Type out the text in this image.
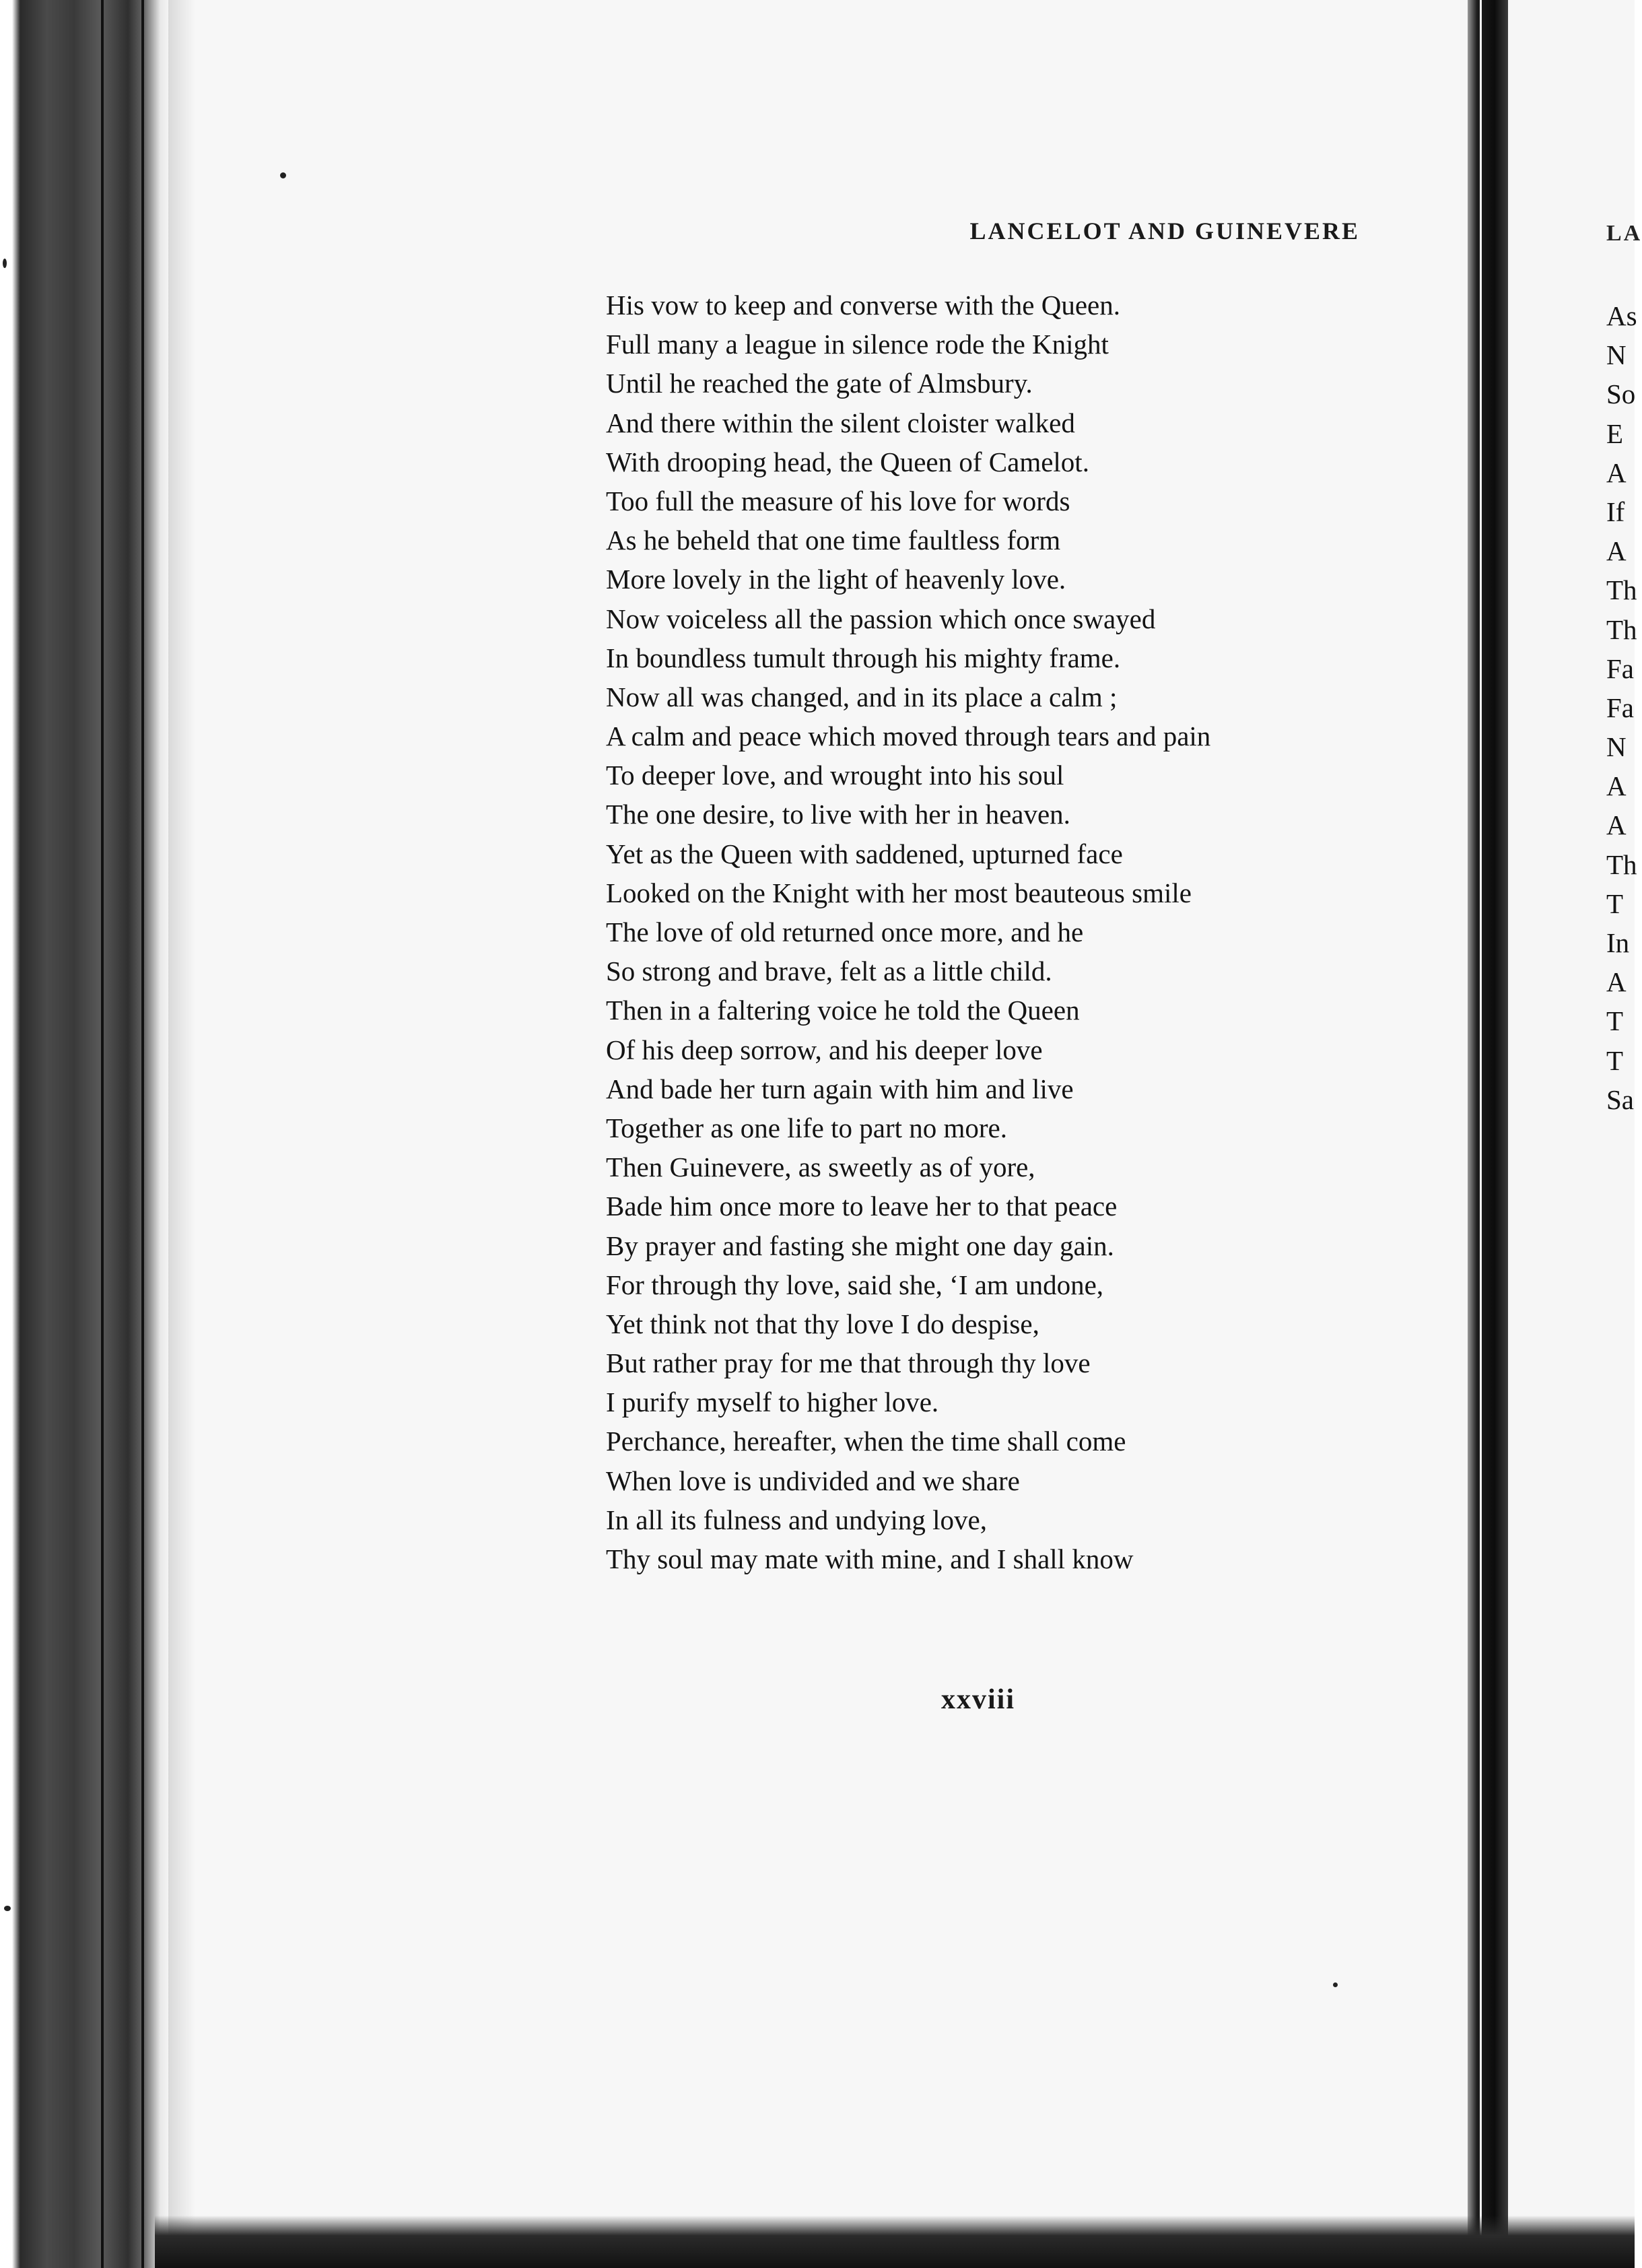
LANCELOT AND GUINEVERE
His vow to keep and converse with the Queen.
Full many a league in silence rode the Knight
Until he reached the gate of Almsbury.
And there within the silent cloister walked
With drooping head, the Queen of Camelot.
Too full the measure of his love for words
As he beheld that one time faultless form
More lovely in the light of heavenly love.
Now voiceless all the passion which once swayed
In boundless tumult through his mighty frame.
Now all was changed, and in its place a calm ;
A calm and peace which moved through tears and pain
To deeper love, and wrought into his soul
The one desire, to live with her in heaven.
Yet as the Queen with saddened, upturned face
Looked on the Knight with her most beauteous smile
The love of old returned once more, and he
So strong and brave, felt as a little child.
Then in a faltering voice he told the Queen
Of his deep sorrow, and his deeper love
And bade her turn again with him and live
Together as one life to part no more.
Then Guinevere, as sweetly as of yore,
Bade him once more to leave her to that peace
By prayer and fasting she might one day gain.
For through thy love, said she, ‘I am undone,
Yet think not that thy love I do despise,
But rather pray for me that through thy love
I purify myself to higher love.
Perchance, hereafter, when the time shall come
When love is undivided and we share
In all its fulness and undying love,
Thy soul may mate with mine, and I shall know
xxviii
LA
As
N
So
E
A
If
A
Th
Th
Fa
Fa
N
A
A
Th
T
In
A
T
T
Sa
